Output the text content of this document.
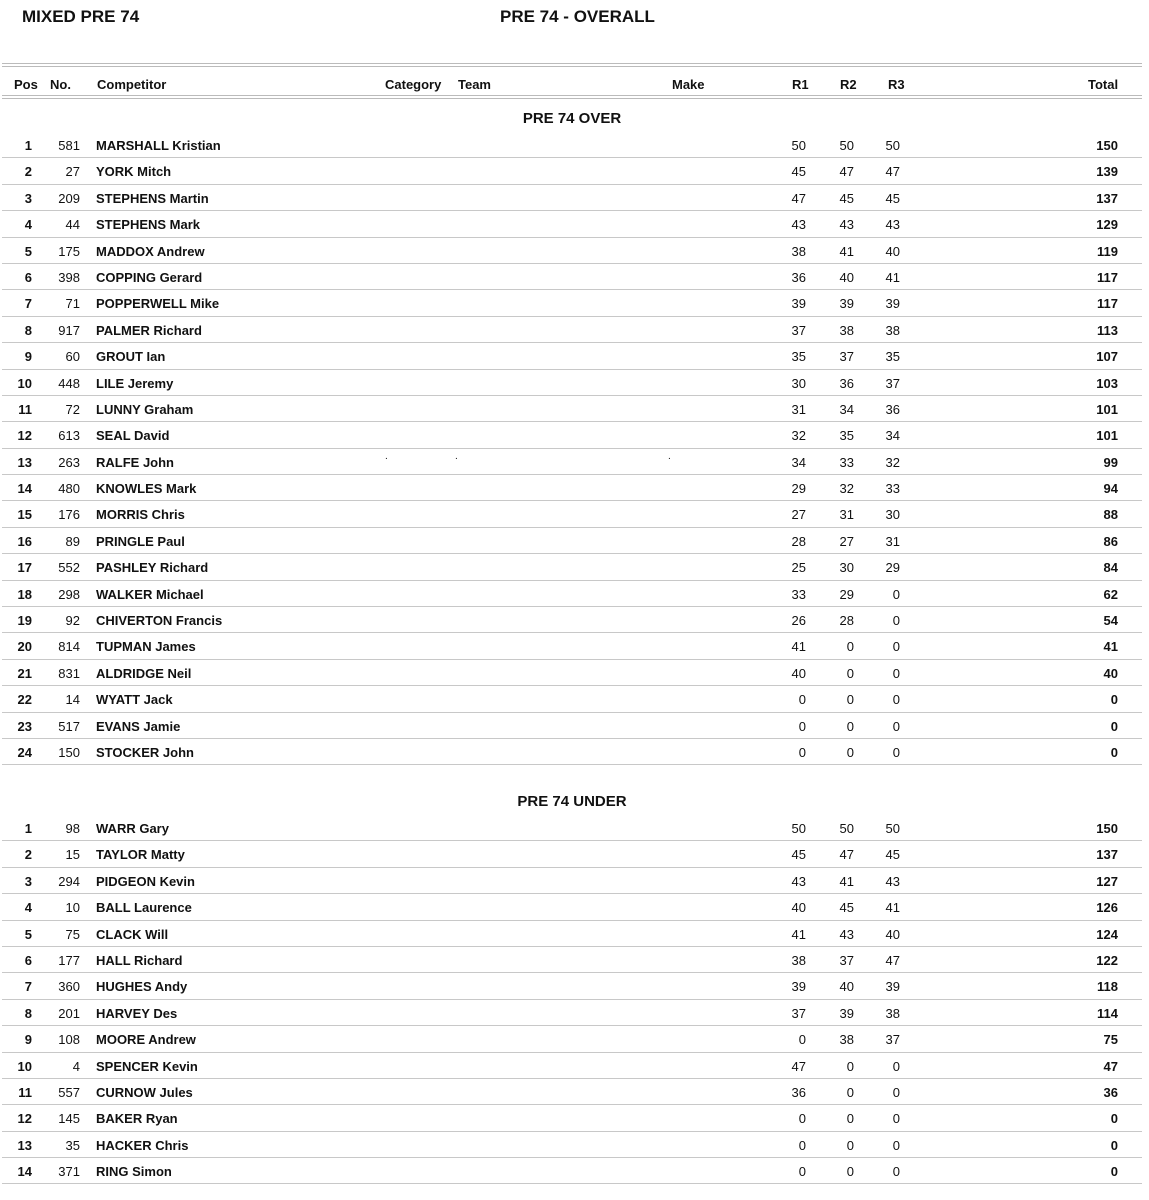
MIXED PRE 74	PRE 74 - OVERALL
Pos No. Competitor	Category Team	Make	R1 R2 R3	Total
PRE 74 OVER
1	581 MARSHALL Kristian	50	50	50	150
2	27 YORK Mitch	45	47	47	139
3	209 STEPHENS Martin	47	45	45	137
4	44 STEPHENS Mark	43	43	43	129
5	175 MADDOX Andrew	38	41	40	119
6	398 COPPING Gerard	36	40	41	117
7	71 POPPERWELL Mike	39	39	39	117
8	917 PALMER Richard	37	38	38	113
9	60 GROUT Ian	35	37	35	107
10	448 LILE Jeremy	30	36	37	103
11	72 LUNNY Graham	31	34	36	101
12	613 SEAL David	32	35	34	101
13	263 RALFE John	34	33	32	99
.	.	.
14	480 KNOWLES Mark	29	32	33	94
15	176 MORRIS Chris	27	31	30	88
16	89 PRINGLE Paul	28	27	31	86
17	552 PASHLEY Richard	25	30	29	84
18	298 WALKER Michael	33	29	0	62
19	92 CHIVERTON Francis	26	28	0	54
20	814 TUPMAN James	41	0	0	41
21	831 ALDRIDGE Neil	40	0	0	40
22	14 WYATT Jack	0	0	0	0
23	517 EVANS Jamie	0	0	0	0
24	150 STOCKER John	0	0	0	0
PRE 74 UNDER
1	98 WARR Gary	50	50	50	150
2	15 TAYLOR Matty	45	47	45	137
3	294 PIDGEON Kevin	43	41	43	127
4	10 BALL Laurence	40	45	41	126
5	75 CLACK Will	41	43	40	124
6	177 HALL Richard	38	37	47	122
7	360 HUGHES Andy	39	40	39	118
8	201 HARVEY Des	37	39	38	114
9	108 MOORE Andrew	0	38	37	75
10	4 SPENCER Kevin	47	0	0	47
11	557 CURNOW Jules	36	0	0	36
12	145 BAKER Ryan	0	0	0	0
13	35 HACKER Chris	0	0	0	0
14	371 RING Simon	0	0	0	0
